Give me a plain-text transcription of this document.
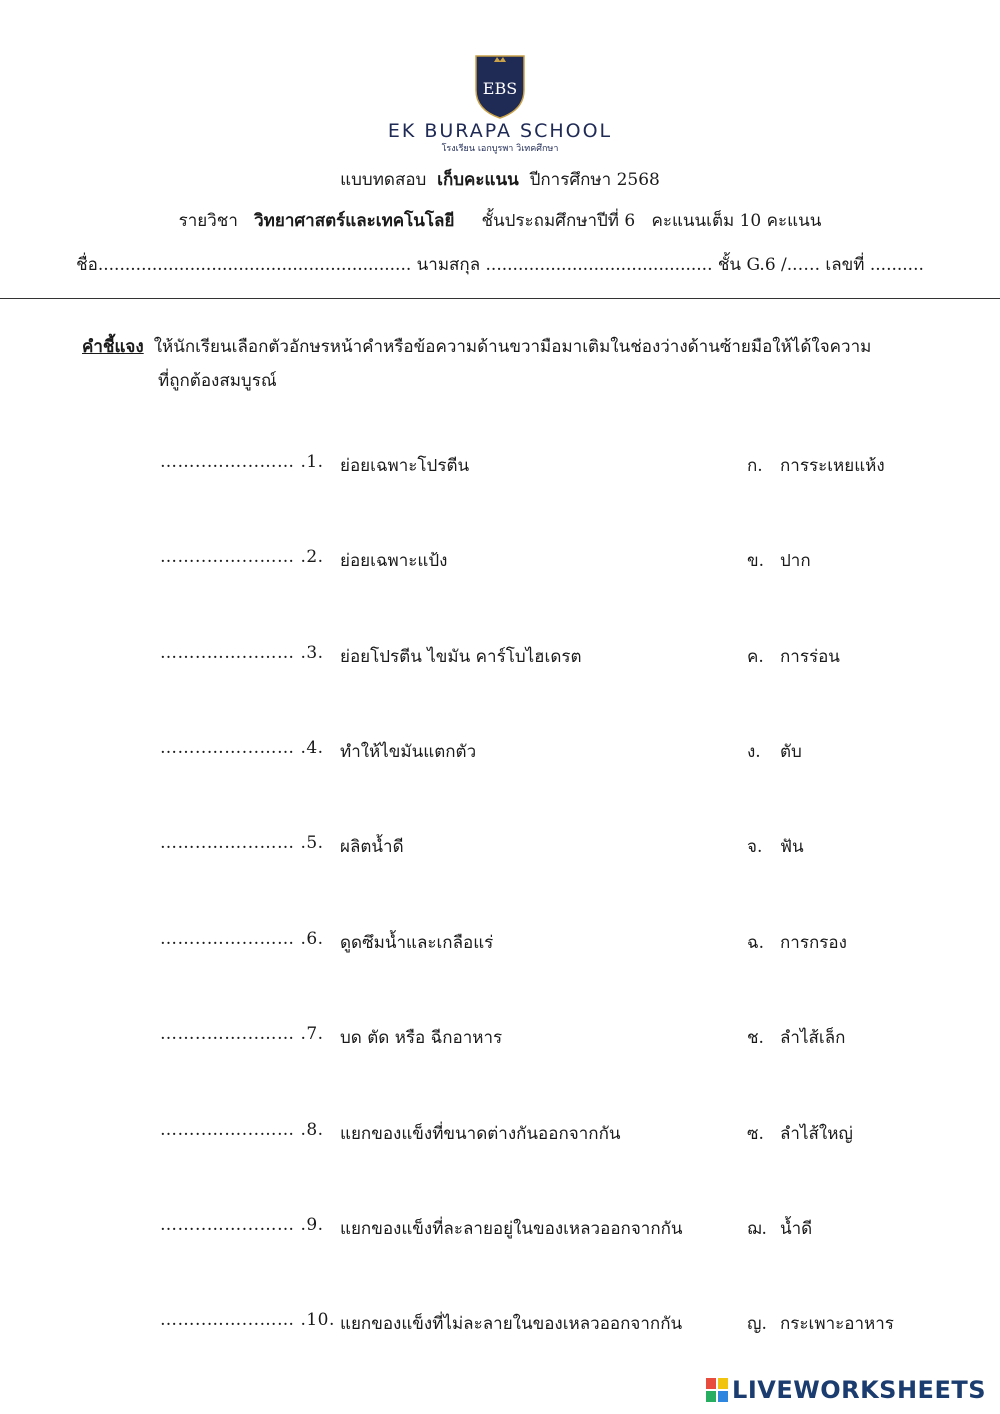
EBS
EK BURAPA SCHOOL
โรงเรียน เอกบูรพา วิเทคศึกษา
แบบทดสอบ เก็บคะแนน ปีการศึกษา 2568
รายวิชา วิทยาศาสตร์และเทคโนโลยี ชั้นประถมศึกษาปีที่ 6 คะแนนเต็ม 10 คะแนน
ชื่อ.......................................................... นามสกุล .......................................... ชั้น G.6 /..…. เลขที่ ..........
คำชี้แจง ให้นักเรียนเลือกตัวอักษรหน้าคำหรือข้อความด้านขวามือมาเติมในช่องว่างด้านซ้ายมือให้ได้ใจความ
ที่ถูกต้องสมบูรณ์
……..……...…… .1. ย่อยเฉพาะโปรตีน	ก. การระเหยแห้ง
……..……...…… .2. ย่อยเฉพาะแป้ง	ข. ปาก
……..……...…… .3. ย่อยโปรตีน ไขมัน คาร์โบไฮเดรต	ค. การร่อน
……..……...…… .4. ทำให้ไขมันแตกตัว	ง. ตับ
……..……...…… .5. ผลิตน้ำดี	จ. ฟัน
……..……...…… .6. ดูดซึมน้ำและเกลือแร่	ฉ. การกรอง
……..……...…… .7. บด ตัด หรือ ฉีกอาหาร	ช. ลำไส้เล็ก
……..……...…… .8. แยกของแข็งที่ขนาดต่างกันออกจากกัน	ซ. ลำไส้ใหญ่
……..……...…… .9. แยกของแข็งที่ละลายอยู่ในของเหลวออกจากกัน	ฌ. น้ำดี
……..……...…… .10. แยกของแข็งที่ไม่ละลายในของเหลวออกจากกัน	ญ. กระเพาะอาหาร
LIVEWORKSHEETS
